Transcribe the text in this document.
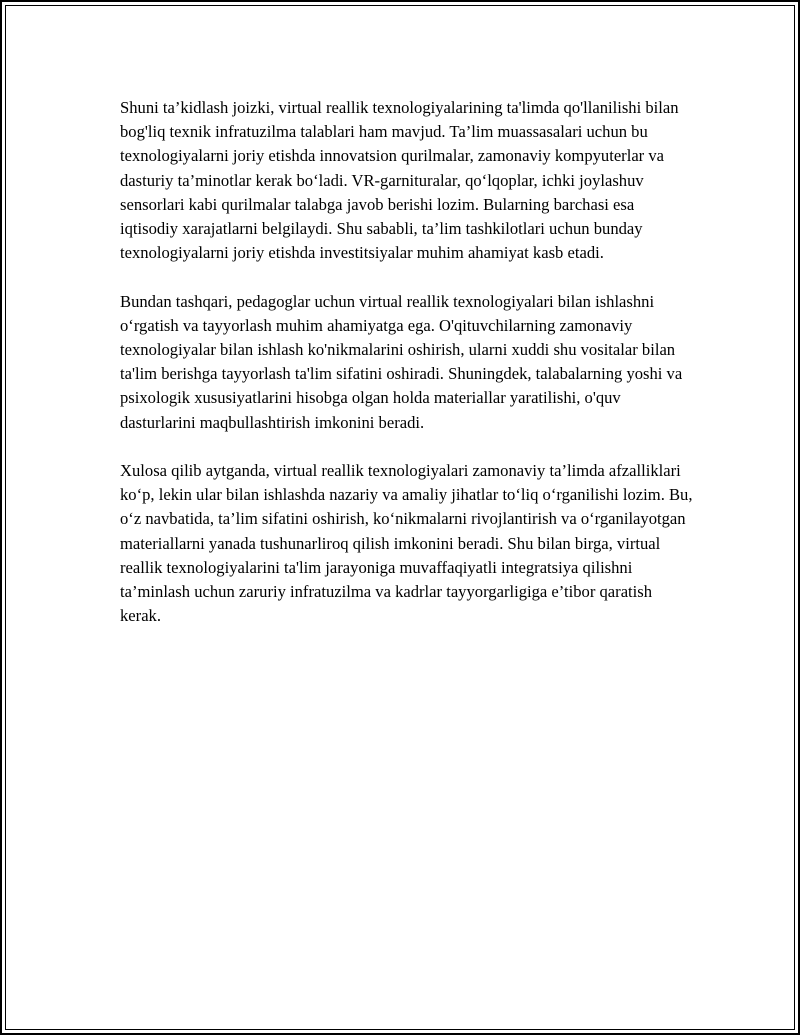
Shuni ta’kidlash joizki, virtual reallik texnologiyalarining ta'limda qo'llanilishi bilan bog'liq texnik infratuzilma talablari ham mavjud. Ta’lim muassasalari uchun bu texnologiyalarni joriy etishda innovatsion qurilmalar, zamonaviy kompyuterlar va dasturiy ta’minotlar kerak bo‘ladi. VR-garnituralar, qo‘lqoplar, ichki joylashuv sensorlari kabi qurilmalar talabga javob berishi lozim. Bularning barchasi esa iqtisodiy xarajatlarni belgilaydi. Shu sababli, ta’lim tashkilotlari uchun bunday texnologiyalarni joriy etishda investitsiyalar muhim ahamiyat kasb etadi.

Bundan tashqari, pedagoglar uchun virtual reallik texnologiyalari bilan ishlashni o‘rgatish va tayyorlash muhim ahamiyatga ega. O'qituvchilarning zamonaviy texnologiyalar bilan ishlash ko'nikmalarini oshirish, ularni xuddi shu vositalar bilan ta'lim berishga tayyorlash ta'lim sifatini oshiradi. Shuningdek, talabalarning yoshi va psixologik xususiyatlarini hisobga olgan holda materiallar yaratilishi, o'quv dasturlarini maqbullashtirish imkonini beradi.

Xulosa qilib aytganda, virtual reallik texnologiyalari zamonaviy ta’limda afzalliklari ko‘p, lekin ular bilan ishlashda nazariy va amaliy jihatlar to‘liq o‘rganilishi lozim. Bu, o‘z navbatida, ta’lim sifatini oshirish, ko‘nikmalarni rivojlantirish va o‘rganilayotgan materiallarni yanada tushunarliroq qilish imkonini beradi. Shu bilan birga, virtual reallik texnologiyalarini ta'lim jarayoniga muvaffaqiyatli integratsiya qilishni ta’minlash uchun zaruriy infratuzilma va kadrlar tayyorgarligiga e’tibor qaratish kerak.
